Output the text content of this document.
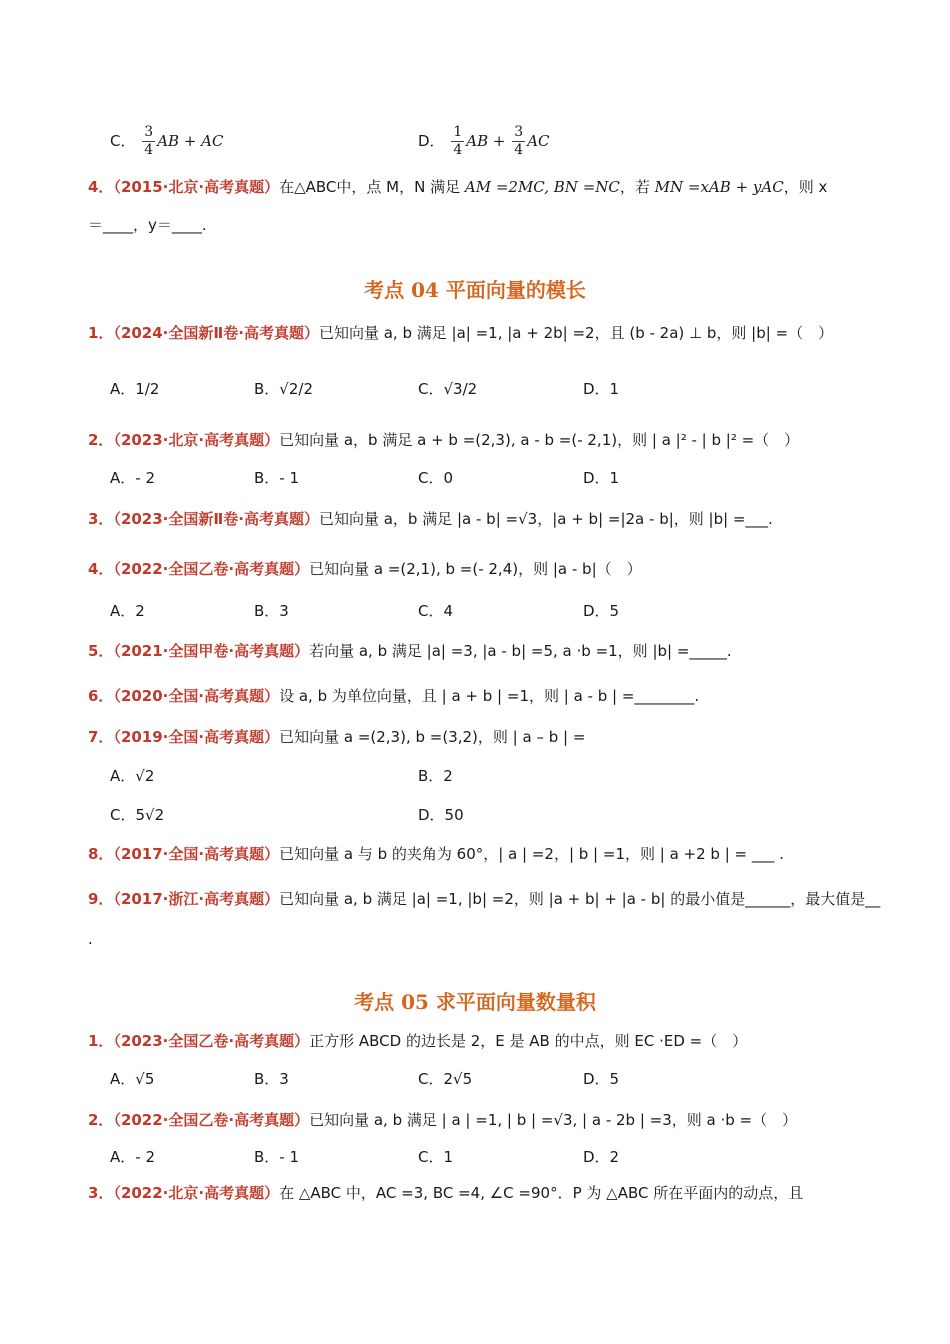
C． $\frac{3}{4}$ AB + AC	D． $\frac{1}{4}$ AB + $\frac{3}{4}$ AC
4．（2015·北京·高考真题）在△ABC中，点 M，N 满足 AM =2MC, BN =NC，若 MN =xAB + yAC，则 x
＝____，y＝____.
考点 04 平面向量的模长
1．（2024·全国新Ⅱ卷·高考真题）已知向量 a, b 满足 |a| =1, |a + 2b| =2，且 (b - 2a) ⊥ b，则 |b| =（　）
A．1/2	B．√2/2	C．√3/2	D．1
2．（2023·北京·高考真题）已知向量 a，b 满足 a + b =(2,3), a - b =(- 2,1)，则 | a |² - | b |² =（　）
A．- 2	B．- 1	C．0	D．1
3．（2023·全国新Ⅱ卷·高考真题）已知向量 a，b 满足 |a - b| =√3，|a + b| =|2a - b|，则 |b| =___.
4．（2022·全国乙卷·高考真题）已知向量 a =(2,1), b =(- 2,4)，则 |a - b|（　）
A．2	B．3	C．4	D．5
5．（2021·全国甲卷·高考真题）若向量 a, b 满足 |a| =3, |a - b| =5, a ·b =1，则 |b| =_____.
6．（2020·全国·高考真题）设 a, b 为单位向量，且 | a + b | =1，则 | a - b | =________.
7．（2019·全国·高考真题）已知向量 a =(2,3), b =(3,2)，则 | a – b | =
A．√2	B．2
C．5√2	D．50
8．（2017·全国·高考真题）已知向量 a 与 b 的夹角为 60°，| a | =2，| b | =1，则 | a +2 b | = ___ .
9．（2017·浙江·高考真题）已知向量 a, b 满足 |a| =1, |b| =2，则 |a + b| + |a - b| 的最小值是______，最大值是__
.
考点 05 求平面向量数量积
1．（2023·全国乙卷·高考真题）正方形 ABCD 的边长是 2，E 是 AB 的中点，则 EC ·ED =（　）
A．√5	B．3	C．2√5	D．5
2．（2022·全国乙卷·高考真题）已知向量 a, b 满足 | a | =1, | b | =√3, | a - 2b | =3，则 a ·b =（　）
A．- 2	B．- 1	C．1	D．2
3．（2022·北京·高考真题）在 △ABC 中，AC =3, BC =4, ∠C =90°．P 为 △ABC 所在平面内的动点，且
